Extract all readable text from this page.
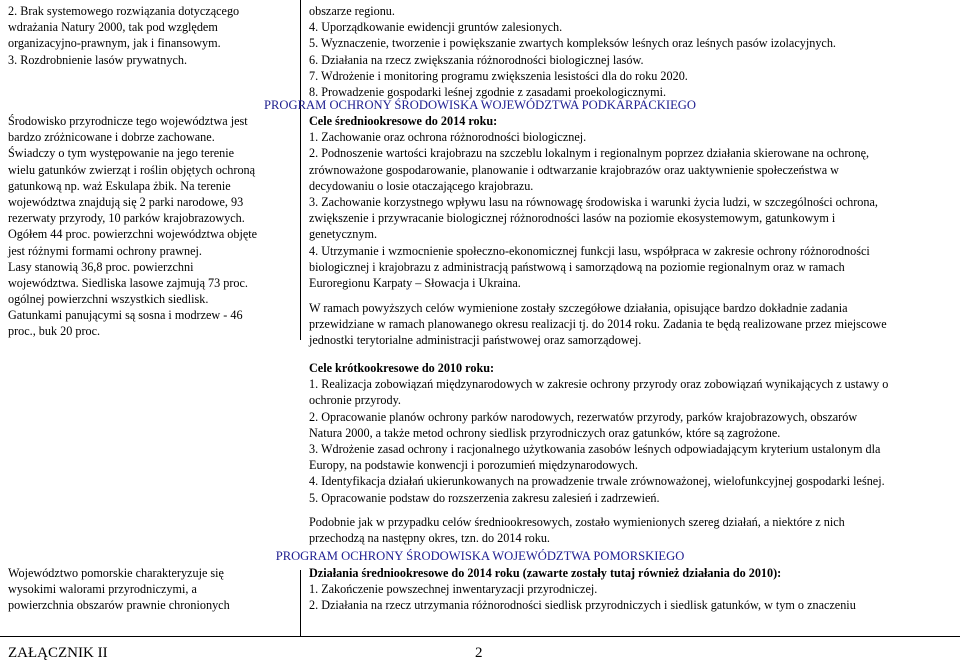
2. Brak systemowego rozwiązania dotyczącego
wdrażania Natury 2000, tak pod względem
organizacyjno-prawnym, jak i finansowym.
3. Rozdrobnienie lasów prywatnych.
obszarze regionu.
4. Uporządkowanie ewidencji gruntów zalesionych.
5. Wyznaczenie, tworzenie i powiększanie zwartych kompleksów leśnych oraz leśnych pasów izolacyjnych.
6. Działania na rzecz zwiększania różnorodności biologicznej lasów.
7. Wdrożenie i monitoring programu zwiększenia lesistości dla do roku 2020.
8. Prowadzenie gospodarki leśnej zgodnie z zasadami proekologicznymi.
PROGRAM OCHRONY ŚRODOWISKA WOJEWÓDZTWA PODKARPACKIEGO
Środowisko przyrodnicze tego województwa jest
bardzo zróżnicowane i dobrze zachowane.
Świadczy o tym występowanie na jego terenie
wielu gatunków zwierząt i roślin objętych ochroną
gatunkową np. waż Eskulapa żbik. Na terenie
województwa znajdują się 2 parki narodowe, 93
rezerwaty przyrody, 10 parków krajobrazowych.
Ogółem 44 proc. powierzchni województwa objęte
jest różnymi formami ochrony prawnej.
Lasy stanowią 36,8 proc. powierzchni
województwa. Siedliska lasowe zajmują 73 proc.
ogólnej powierzchni wszystkich siedlisk.
Gatunkami panującymi są sosna i modrzew - 46
proc., buk 20 proc.
Cele średniookresowe do 2014 roku:
1. Zachowanie oraz ochrona różnorodności biologicznej.
2. Podnoszenie wartości krajobrazu na szczeblu lokalnym i regionalnym poprzez działania skierowane na ochronę,
zrównoważone gospodarowanie, planowanie i odtwarzanie krajobrazów oraz uaktywnienie społeczeństwa w
decydowaniu o losie otaczającego krajobrazu.
3. Zachowanie korzystnego wpływu lasu na równowagę środowiska i warunki życia ludzi, w szczególności ochrona,
zwiększenie i przywracanie biologicznej różnorodności lasów na poziomie ekosystemowym, gatunkowym i
genetycznym.
4. Utrzymanie i wzmocnienie społeczno-ekonomicznej funkcji lasu, współpraca w zakresie ochrony różnorodności
biologicznej i krajobrazu z administracją państwową i samorządową na poziomie regionalnym oraz w ramach
Euroregionu Karpaty – Słowacja i Ukraina.
W ramach powyższych celów wymienione zostały szczegółowe działania, opisujące bardzo dokładnie zadania
przewidziane w ramach planowanego okresu realizacji tj. do 2014 roku. Zadania te będą realizowane przez miejscowe
jednostki terytorialne administracji państwowej oraz samorządowej.
Cele krótkookresowe do 2010 roku:
1. Realizacja zobowiązań międzynarodowych w zakresie ochrony przyrody oraz zobowiązań wynikających z ustawy o
ochronie przyrody.
2. Opracowanie planów ochrony parków narodowych, rezerwatów przyrody, parków krajobrazowych, obszarów
Natura 2000, a także metod ochrony siedlisk przyrodniczych oraz gatunków, które są zagrożone.
3. Wdrożenie zasad ochrony i racjonalnego użytkowania zasobów leśnych odpowiadającym kryterium ustalonym dla
Europy, na podstawie konwencji i porozumień międzynarodowych.
4. Identyfikacja działań ukierunkowanych na prowadzenie trwale zrównoważonej, wielofunkcyjnej gospodarki leśnej.
5. Opracowanie podstaw do rozszerzenia zakresu zalesień i zadrzewień.
Podobnie jak w przypadku celów średniookresowych, zostało wymienionych szereg działań, a niektóre z nich
przechodzą na następny okres, tzn. do 2014 roku.
PROGRAM OCHRONY ŚRODOWISKA WOJEWÓDZTWA POMORSKIEGO
Województwo pomorskie charakteryzuje się
wysokimi walorami przyrodniczymi, a
powierzchnia obszarów prawnie chronionych
Działania średniookresowe do 2014 roku (zawarte zostały tutaj również działania do 2010):
1. Zakończenie powszechnej inwentaryzacji przyrodniczej.
2. Działania na rzecz utrzymania różnorodności siedlisk przyrodniczych i siedlisk gatunków, w tym o znaczeniu
ZAŁĄCZNIK II	2
